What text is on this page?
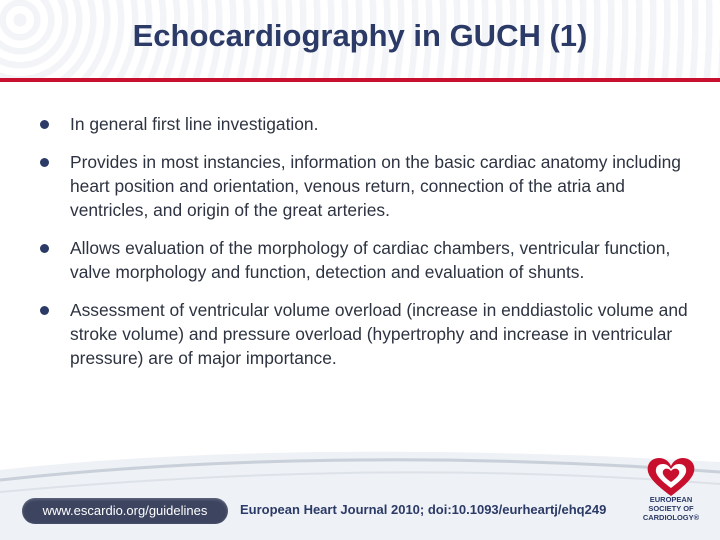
Echocardiography in GUCH (1)
In general first line investigation.
Provides in most instancies, information on the basic cardiac anatomy including heart position and orientation, venous return, connection of the atria and ventricles, and origin of the great arteries.
Allows evaluation of the morphology of cardiac chambers, ventricular function, valve morphology and function, detection and evaluation of shunts.
Assessment of ventricular volume overload (increase in enddiastolic volume and stroke volume) and pressure overload (hypertrophy and increase in ventricular pressure) are of major importance.
www.escardio.org/guidelines	European Heart Journal 2010; doi:10.1093/eurheartj/ehq249
EUROPEAN
SOCIETY OF
CARDIOLOGY®
